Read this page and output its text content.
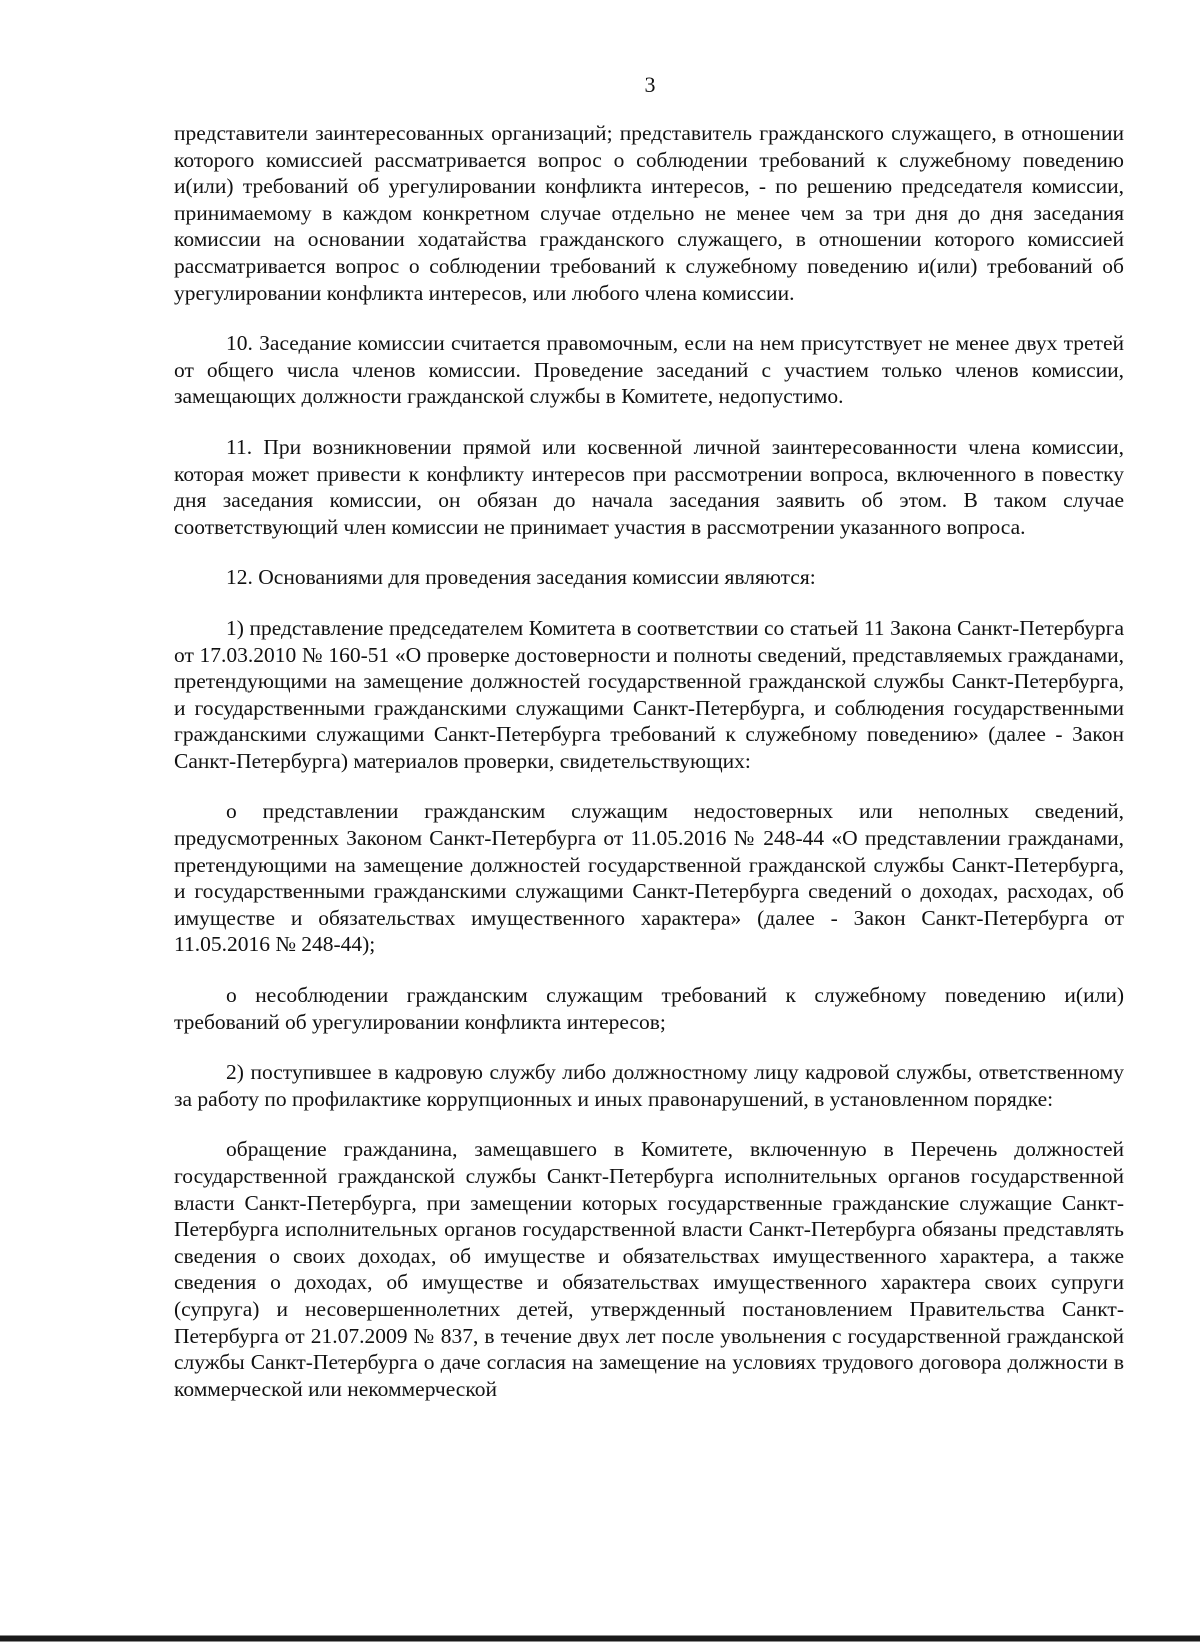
3

представители заинтересованных организаций; представитель гражданского служащего, в отношении которого комиссией рассматривается вопрос о соблюдении требований к служебному поведению и(или) требований об урегулировании конфликта интересов, - по решению председателя комиссии, принимаемому в каждом конкретном случае отдельно не менее чем за три дня до дня заседания комиссии на основании ходатайства гражданского служащего, в отношении которого комиссией рассматривается вопрос о соблюдении требований к служебному поведению и(или) требований об урегулировании конфликта интересов, или любого члена комиссии.

10. Заседание комиссии считается правомочным, если на нем присутствует не менее двух третей от общего числа членов комиссии. Проведение заседаний с участием только членов комиссии, замещающих должности гражданской службы в Комитете, недопустимо.

11. При возникновении прямой или косвенной личной заинтересованности члена комиссии, которая может привести к конфликту интересов при рассмотрении вопроса, включенного в повестку дня заседания комиссии, он обязан до начала заседания заявить об этом. В таком случае соответствующий член комиссии не принимает участия в рассмотрении указанного вопроса.

12. Основаниями для проведения заседания комиссии являются:

1) представление председателем Комитета в соответствии со статьей 11 Закона Санкт-Петербурга от 17.03.2010 № 160-51 «О проверке достоверности и полноты сведений, представляемых гражданами, претендующими на замещение должностей государственной гражданской службы Санкт-Петербурга, и государственными гражданскими служащими Санкт-Петербурга, и соблюдения государственными гражданскими служащими Санкт-Петербурга требований к служебному поведению» (далее - Закон Санкт-Петербурга) материалов проверки, свидетельствующих:

о представлении гражданским служащим недостоверных или неполных сведений, предусмотренных Законом Санкт-Петербурга от 11.05.2016 № 248-44 «О представлении гражданами, претендующими на замещение должностей государственной гражданской службы Санкт-Петербурга, и государственными гражданскими служащими Санкт-Петербурга сведений о доходах, расходах, об имуществе и обязательствах имущественного характера» (далее - Закон Санкт-Петербурга от 11.05.2016 № 248-44);

о несоблюдении гражданским служащим требований к служебному поведению и(или) требований об урегулировании конфликта интересов;

2) поступившее в кадровую службу либо должностному лицу кадровой службы, ответственному за работу по профилактике коррупционных и иных правонарушений, в установленном порядке:

обращение гражданина, замещавшего в Комитете, включенную в Перечень должностей государственной гражданской службы Санкт-Петербурга исполнительных органов государственной власти Санкт-Петербурга, при замещении которых государственные гражданские служащие Санкт-Петербурга исполнительных органов государственной власти Санкт-Петербурга обязаны представлять сведения о своих доходах, об имуществе и обязательствах имущественного характера, а также сведения о доходах, об имуществе и обязательствах имущественного характера своих супруги (супруга) и несовершеннолетних детей, утвержденный постановлением Правительства Санкт-Петербурга от 21.07.2009 № 837, в течение двух лет после увольнения с государственной гражданской службы Санкт-Петербурга о даче согласия на замещение на условиях трудового договора должности в коммерческой или некоммерческой
